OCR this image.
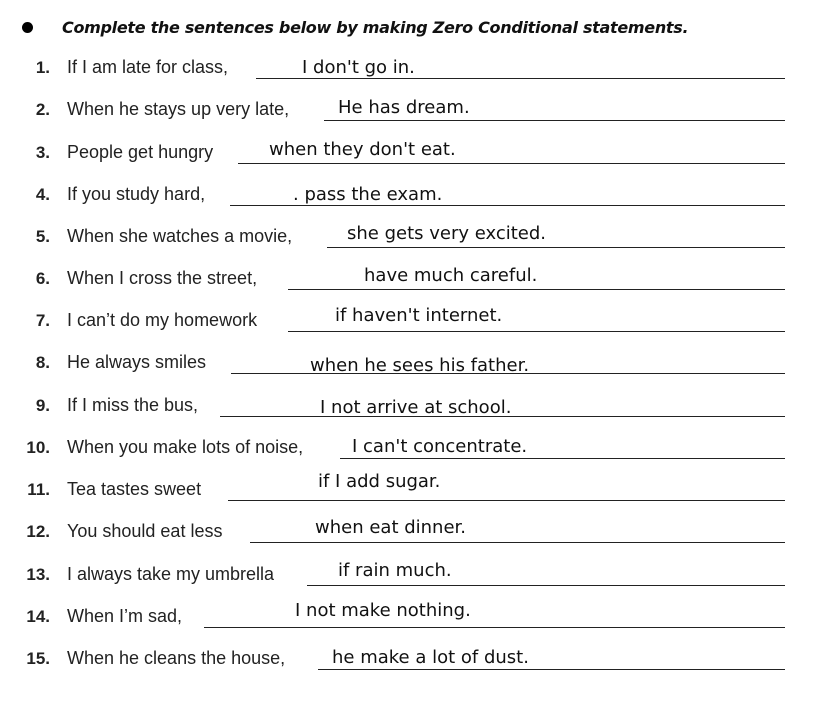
Complete the sentences below by making Zero Conditional statements.
1. If I am late for class,	I don't go in.
2. When he stays up very late,	He has dream.
3. People get hungry	when they don't eat.
4. If you study hard,	. pass the exam.
5. When she watches a movie,	she gets very excited.
6. When I cross the street,	have much careful.
7. I can’t do my homework	if haven't internet.
8. He always smiles	when he sees his father.
9. If I miss the bus,	I not arrive at school.
10. When you make lots of noise,	I can't concentrate.
11. Tea tastes sweet	if I add sugar.
12. You should eat less	when eat dinner.
13. I always take my umbrella	if rain much.
14. When I’m sad,	I not make nothing.
15. When he cleans the house,	he make a lot of dust.
